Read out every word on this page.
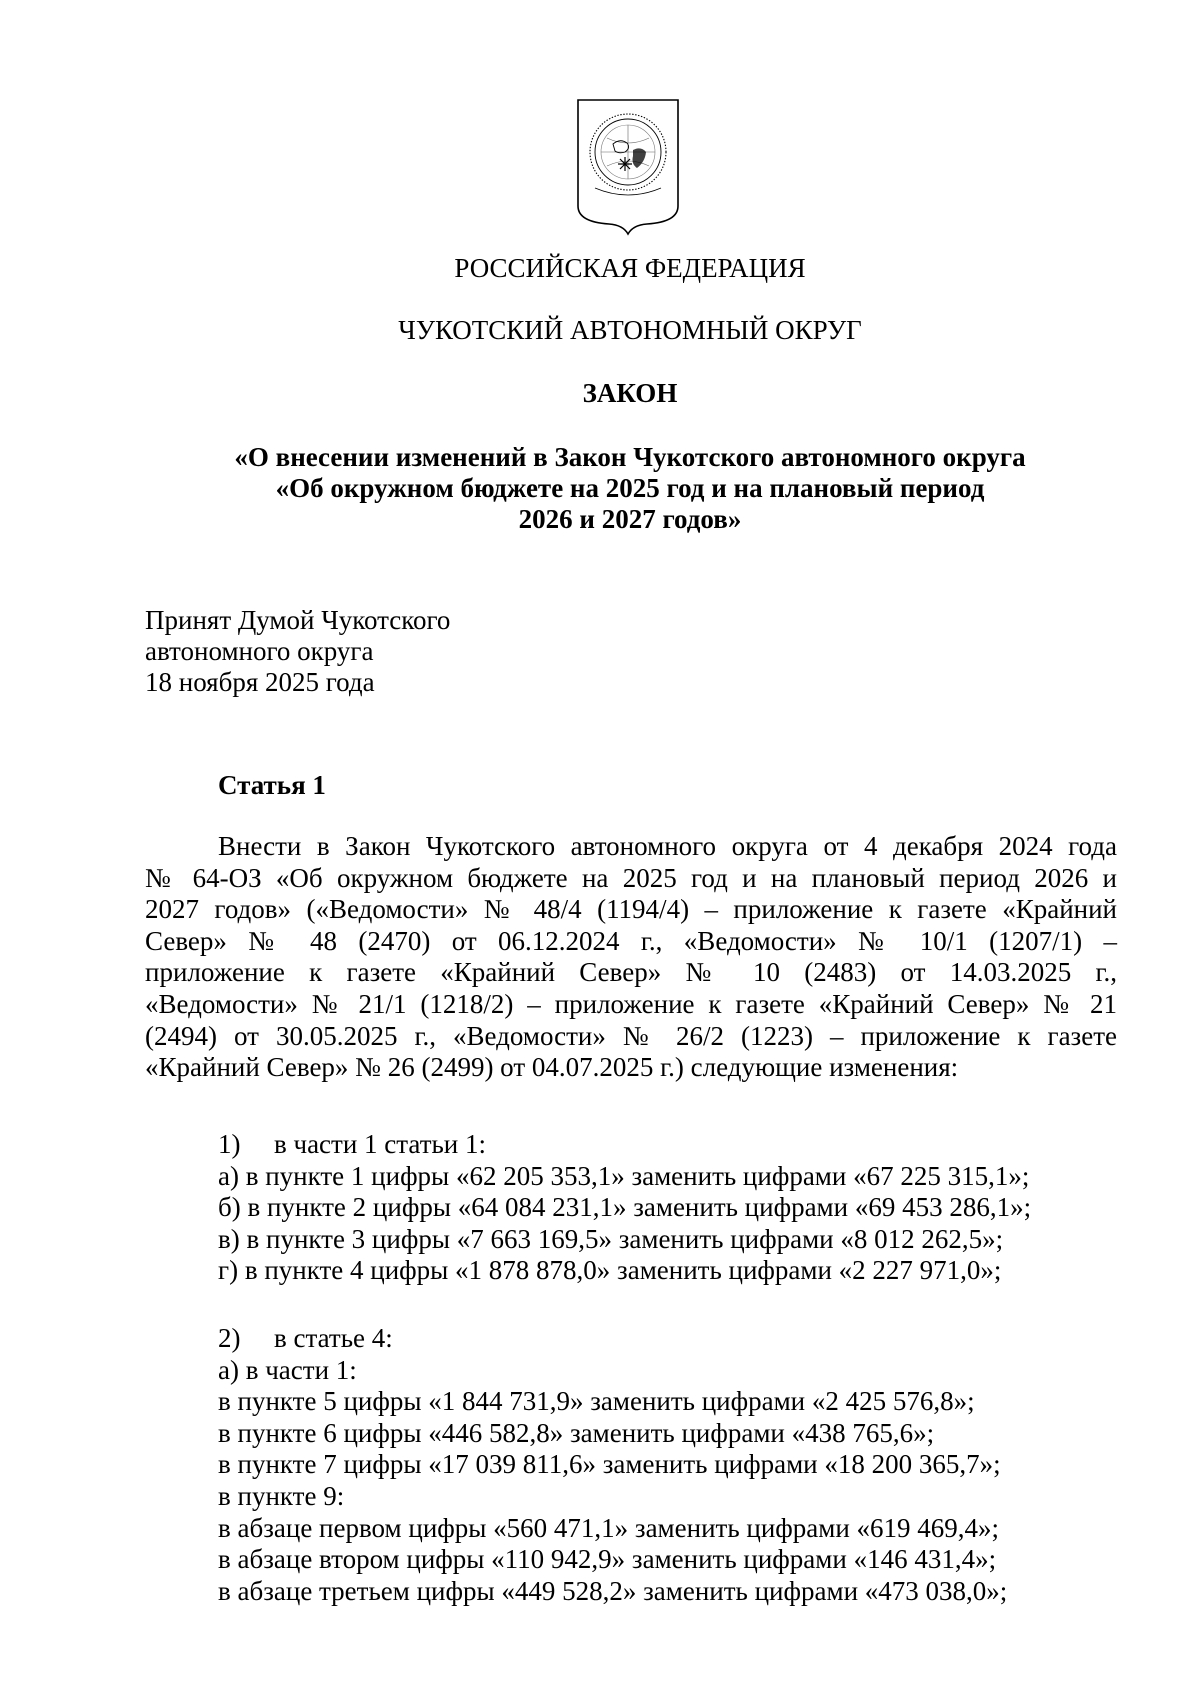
РОССИЙСКАЯ ФЕДЕРАЦИЯ
ЧУКОТСКИЙ АВТОНОМНЫЙ ОКРУГ
ЗАКОН
«О внесении изменений в Закон Чукотского автономного округа
«Об окружном бюджете на 2025 год и на плановый период
2026 и 2027 годов»
Принят Думой Чукотского
автономного округа
18 ноября 2025 года
Статья 1
Внести в Закон Чукотского автономного округа от 4 декабря 2024 года
№ 64-ОЗ «Об окружном бюджете на 2025 год и на плановый период 2026 и
2027 годов» («Ведомости» № 48/4 (1194/4) – приложение к газете «Крайний
Север» № 48 (2470) от 06.12.2024 г., «Ведомости» № 10/1 (1207/1) –
приложение к газете «Крайний Север» № 10 (2483) от 14.03.2025 г.,
«Ведомости» № 21/1 (1218/2) – приложение к газете «Крайний Север» № 21
(2494) от 30.05.2025 г., «Ведомости» № 26/2 (1223) – приложение к газете
«Крайний Север» № 26 (2499) от 04.07.2025 г.) следующие изменения:
1) в части 1 статьи 1:
а) в пункте 1 цифры «62 205 353,1» заменить цифрами «67 225 315,1»;
б) в пункте 2 цифры «64 084 231,1» заменить цифрами «69 453 286,1»;
в) в пункте 3 цифры «7 663 169,5» заменить цифрами «8 012 262,5»;
г) в пункте 4 цифры «1 878 878,0» заменить цифрами «2 227 971,0»;
2) в статье 4:
а) в части 1:
в пункте 5 цифры «1 844 731,9» заменить цифрами «2 425 576,8»;
в пункте 6 цифры «446 582,8» заменить цифрами «438 765,6»;
в пункте 7 цифры «17 039 811,6» заменить цифрами «18 200 365,7»;
в пункте 9:
в абзаце первом цифры «560 471,1» заменить цифрами «619 469,4»;
в абзаце втором цифры «110 942,9» заменить цифрами «146 431,4»;
в абзаце третьем цифры «449 528,2» заменить цифрами «473 038,0»;
